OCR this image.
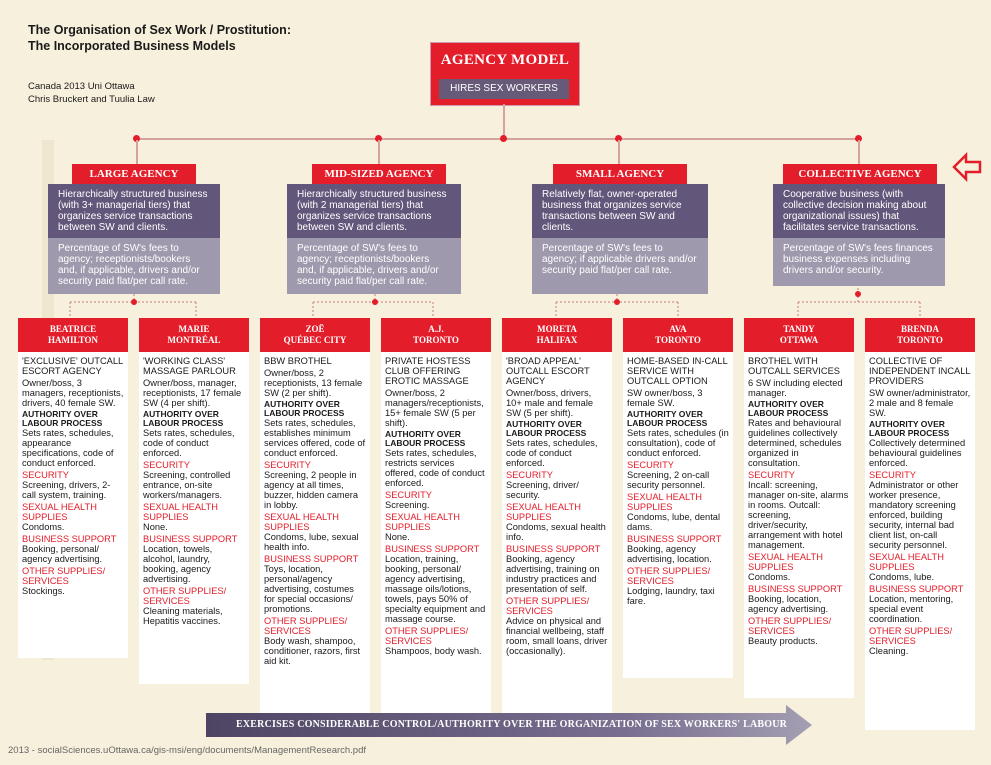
The Organisation of Sex Work / Prostitution:
The Incorporated Business Models
Canada 2013 Uni Ottawa
Chris Bruckert and Tuulia Law
AGENCY MODEL
HIRES SEX WORKERS
LARGE AGENCY
Hierarchically structured business (with 3+ managerial tiers) that organizes service transactions between SW and clients.
Percentage of SW's fees to agency; receptionists/bookers and, if applicable, drivers and/or security paid flat/per call rate.
MID-SIZED AGENCY
Hierarchically structured business (with 2 managerial tiers) that organizes service transactions between SW and clients.
Percentage of SW's fees to agency; receptionists/bookers and, if applicable, drivers and/or security paid flat/per call rate.
SMALL AGENCY
Relatively flat, owner-operated business that organizes service transactions between SW and clients.
Percentage of SW's fees to agency; if applicable drivers and/or security paid flat/per call rate.
COLLECTIVE AGENCY
Cooperative business (with collective decision making about organizational issues) that facilitates service transactions.
Percentage of SW's fees finances business expenses including drivers and/or security.
BEATRICE
HAMILTON
'EXCLUSIVE' OUTCALL ESCORT AGENCY
Owner/boss, 3 managers, receptionists, drivers, 40 female SW.
AUTHORITY OVER LABOUR PROCESS
Sets rates, schedules, appearance specifications, code of conduct enforced.
SECURITY
Screening, drivers, 2-call system, training.
SEXUAL HEALTH SUPPLIES
Condoms.
BUSINESS SUPPORT
Booking, personal/ agency advertising.
OTHER SUPPLIES/ SERVICES
Stockings.
MARIE
MONTRÉAL
'WORKING CLASS' MASSAGE PARLOUR
Owner/boss, manager, receptionists, 17 female SW (4 per shift).
AUTHORITY OVER LABOUR PROCESS
Sets rates, schedules, code of conduct enforced.
SECURITY
Screening, controlled entrance, on-site workers/managers.
SEXUAL HEALTH SUPPLIES
None.
BUSINESS SUPPORT
Location, towels, alcohol, laundry, booking, agency advertising.
OTHER SUPPLIES/ SERVICES
Cleaning materials, Hepatitis vaccines.
ZOË
QUÉBEC CITY
BBW BROTHEL
Owner/boss, 2 receptionists, 13 female SW (2 per shift).
AUTHORITY OVER LABOUR PROCESS
Sets rates, schedules, establishes minimum services offered, code of conduct enforced.
SECURITY
Screening, 2 people in agency at all times, buzzer, hidden camera in lobby.
SEXUAL HEALTH SUPPLIES
Condoms, lube, sexual health info.
BUSINESS SUPPORT
Toys, location, personal/agency advertising, costumes for special occasions/ promotions.
OTHER SUPPLIES/ SERVICES
Body wash, shampoo, conditioner, razors, first aid kit.
A.J.
TORONTO
PRIVATE HOSTESS CLUB OFFERING EROTIC MASSAGE
Owner/boss, 2 managers/receptionists, 15+ female SW (5 per shift).
AUTHORITY OVER LABOUR PROCESS
Sets rates, schedules, restricts services offered, code of conduct enforced.
SECURITY
Screening.
SEXUAL HEALTH SUPPLIES
None.
BUSINESS SUPPORT
Location, training, booking, personal/ agency advertising, massage oils/lotions, towels, pays 50% of specialty equipment and massage course.
OTHER SUPPLIES/ SERVICES
Shampoos, body wash.
MORETA
HALIFAX
'BROAD APPEAL' OUTCALL ESCORT AGENCY
Owner/boss, drivers, 10+ male and female SW (5 per shift).
AUTHORITY OVER LABOUR PROCESS
Sets rates, schedules, code of conduct enforced.
SECURITY
Screening, driver/ security.
SEXUAL HEALTH SUPPLIES
Condoms, sexual health info.
BUSINESS SUPPORT
Booking, agency advertising, training on industry practices and presentation of self.
OTHER SUPPLIES/ SERVICES
Advice on physical and financial wellbeing, staff room, small loans, driver (occasionally).
AVA
TORONTO
HOME-BASED IN-CALL SERVICE WITH OUTCALL OPTION
SW owner/boss, 3 female SW.
AUTHORITY OVER LABOUR PROCESS
Sets rates, schedules (in consultation), code of conduct enforced.
SECURITY
Screening, 2 on-call security personnel.
SEXUAL HEALTH SUPPLIES
Condoms, lube, dental dams.
BUSINESS SUPPORT
Booking, agency advertising, location.
OTHER SUPPLIES/ SERVICES
Lodging, laundry, taxi fare.
TANDY
OTTAWA
BROTHEL WITH OUTCALL SERVICES
6 SW including elected manager.
AUTHORITY OVER LABOUR PROCESS
Rates and behavioural guidelines collectively determined, schedules organized in consultation.
SECURITY
Incall: screening, manager on-site, alarms in rooms. Outcall: screening, driver/security, arrangement with hotel management.
SEXUAL HEALTH SUPPLIES
Condoms.
BUSINESS SUPPORT
Booking, location, agency advertising.
OTHER SUPPLIES/ SERVICES
Beauty products.
BRENDA
TORONTO
COLLECTIVE OF INDEPENDENT INCALL PROVIDERS
SW owner/administrator, 2 male and 8 female SW.
AUTHORITY OVER LABOUR PROCESS
Collectively determined behavioural guidelines enforced.
SECURITY
Administrator or other worker presence, mandatory screening enforced, building security, internal bad client list, on-call security personnel.
SEXUAL HEALTH SUPPLIES
Condoms, lube.
BUSINESS SUPPORT
Location, mentoring, special event coordination.
OTHER SUPPLIES/ SERVICES
Cleaning.
EXERCISES CONSIDERABLE CONTROL/AUTHORITY OVER THE ORGANIZATION OF SEX WORKERS' LABOUR
2013 - socialSciences.uOttawa.ca/gis-msi/eng/documents/ManagementResearch.pdf
